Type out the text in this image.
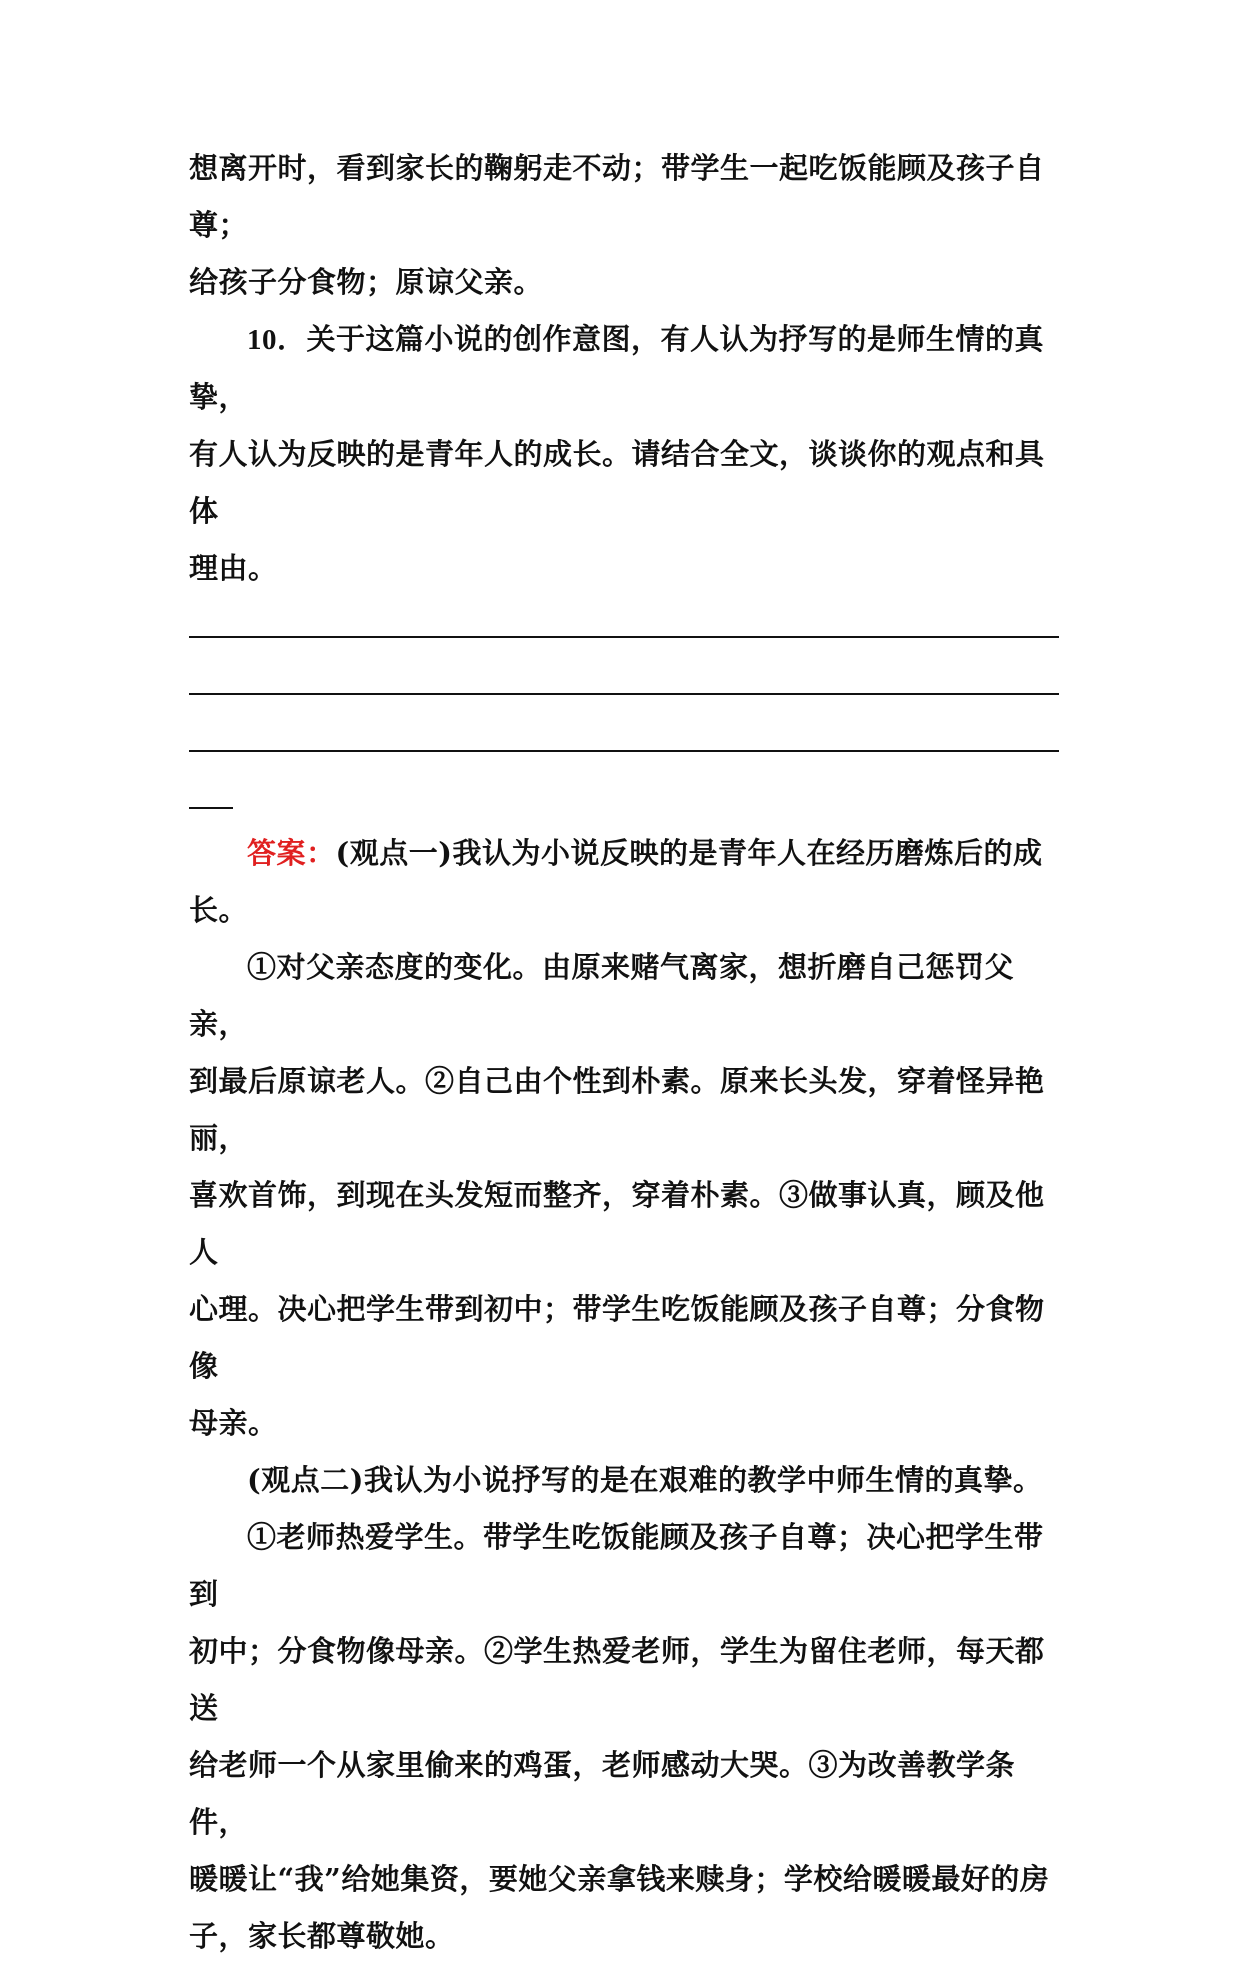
想离开时，看到家长的鞠躬走不动；带学生一起吃饭能顾及孩子自尊；

给孩子分食物；原谅父亲。

10．关于这篇小说的创作意图，有人认为抒写的是师生情的真挚，

有人认为反映的是青年人的成长。请结合全文，谈谈你的观点和具体

理由。

答案：(观点一)我认为小说反映的是青年人在经历磨炼后的成长。

①对父亲态度的变化。由原来赌气离家，想折磨自己惩罚父亲，

到最后原谅老人。②自己由个性到朴素。原来长头发，穿着怪异艳丽，

喜欢首饰，到现在头发短而整齐，穿着朴素。③做事认真，顾及他人

心理。决心把学生带到初中；带学生吃饭能顾及孩子自尊；分食物像

母亲。

(观点二)我认为小说抒写的是在艰难的教学中师生情的真挚。

①老师热爱学生。带学生吃饭能顾及孩子自尊；决心把学生带到

初中；分食物像母亲。②学生热爱老师，学生为留住老师，每天都送

给老师一个从家里偷来的鸡蛋，老师感动大哭。③为改善教学条件，

暖暖让“我”给她集资，要她父亲拿钱来赎身；学校给暖暖最好的房

子，家长都尊敬她。
